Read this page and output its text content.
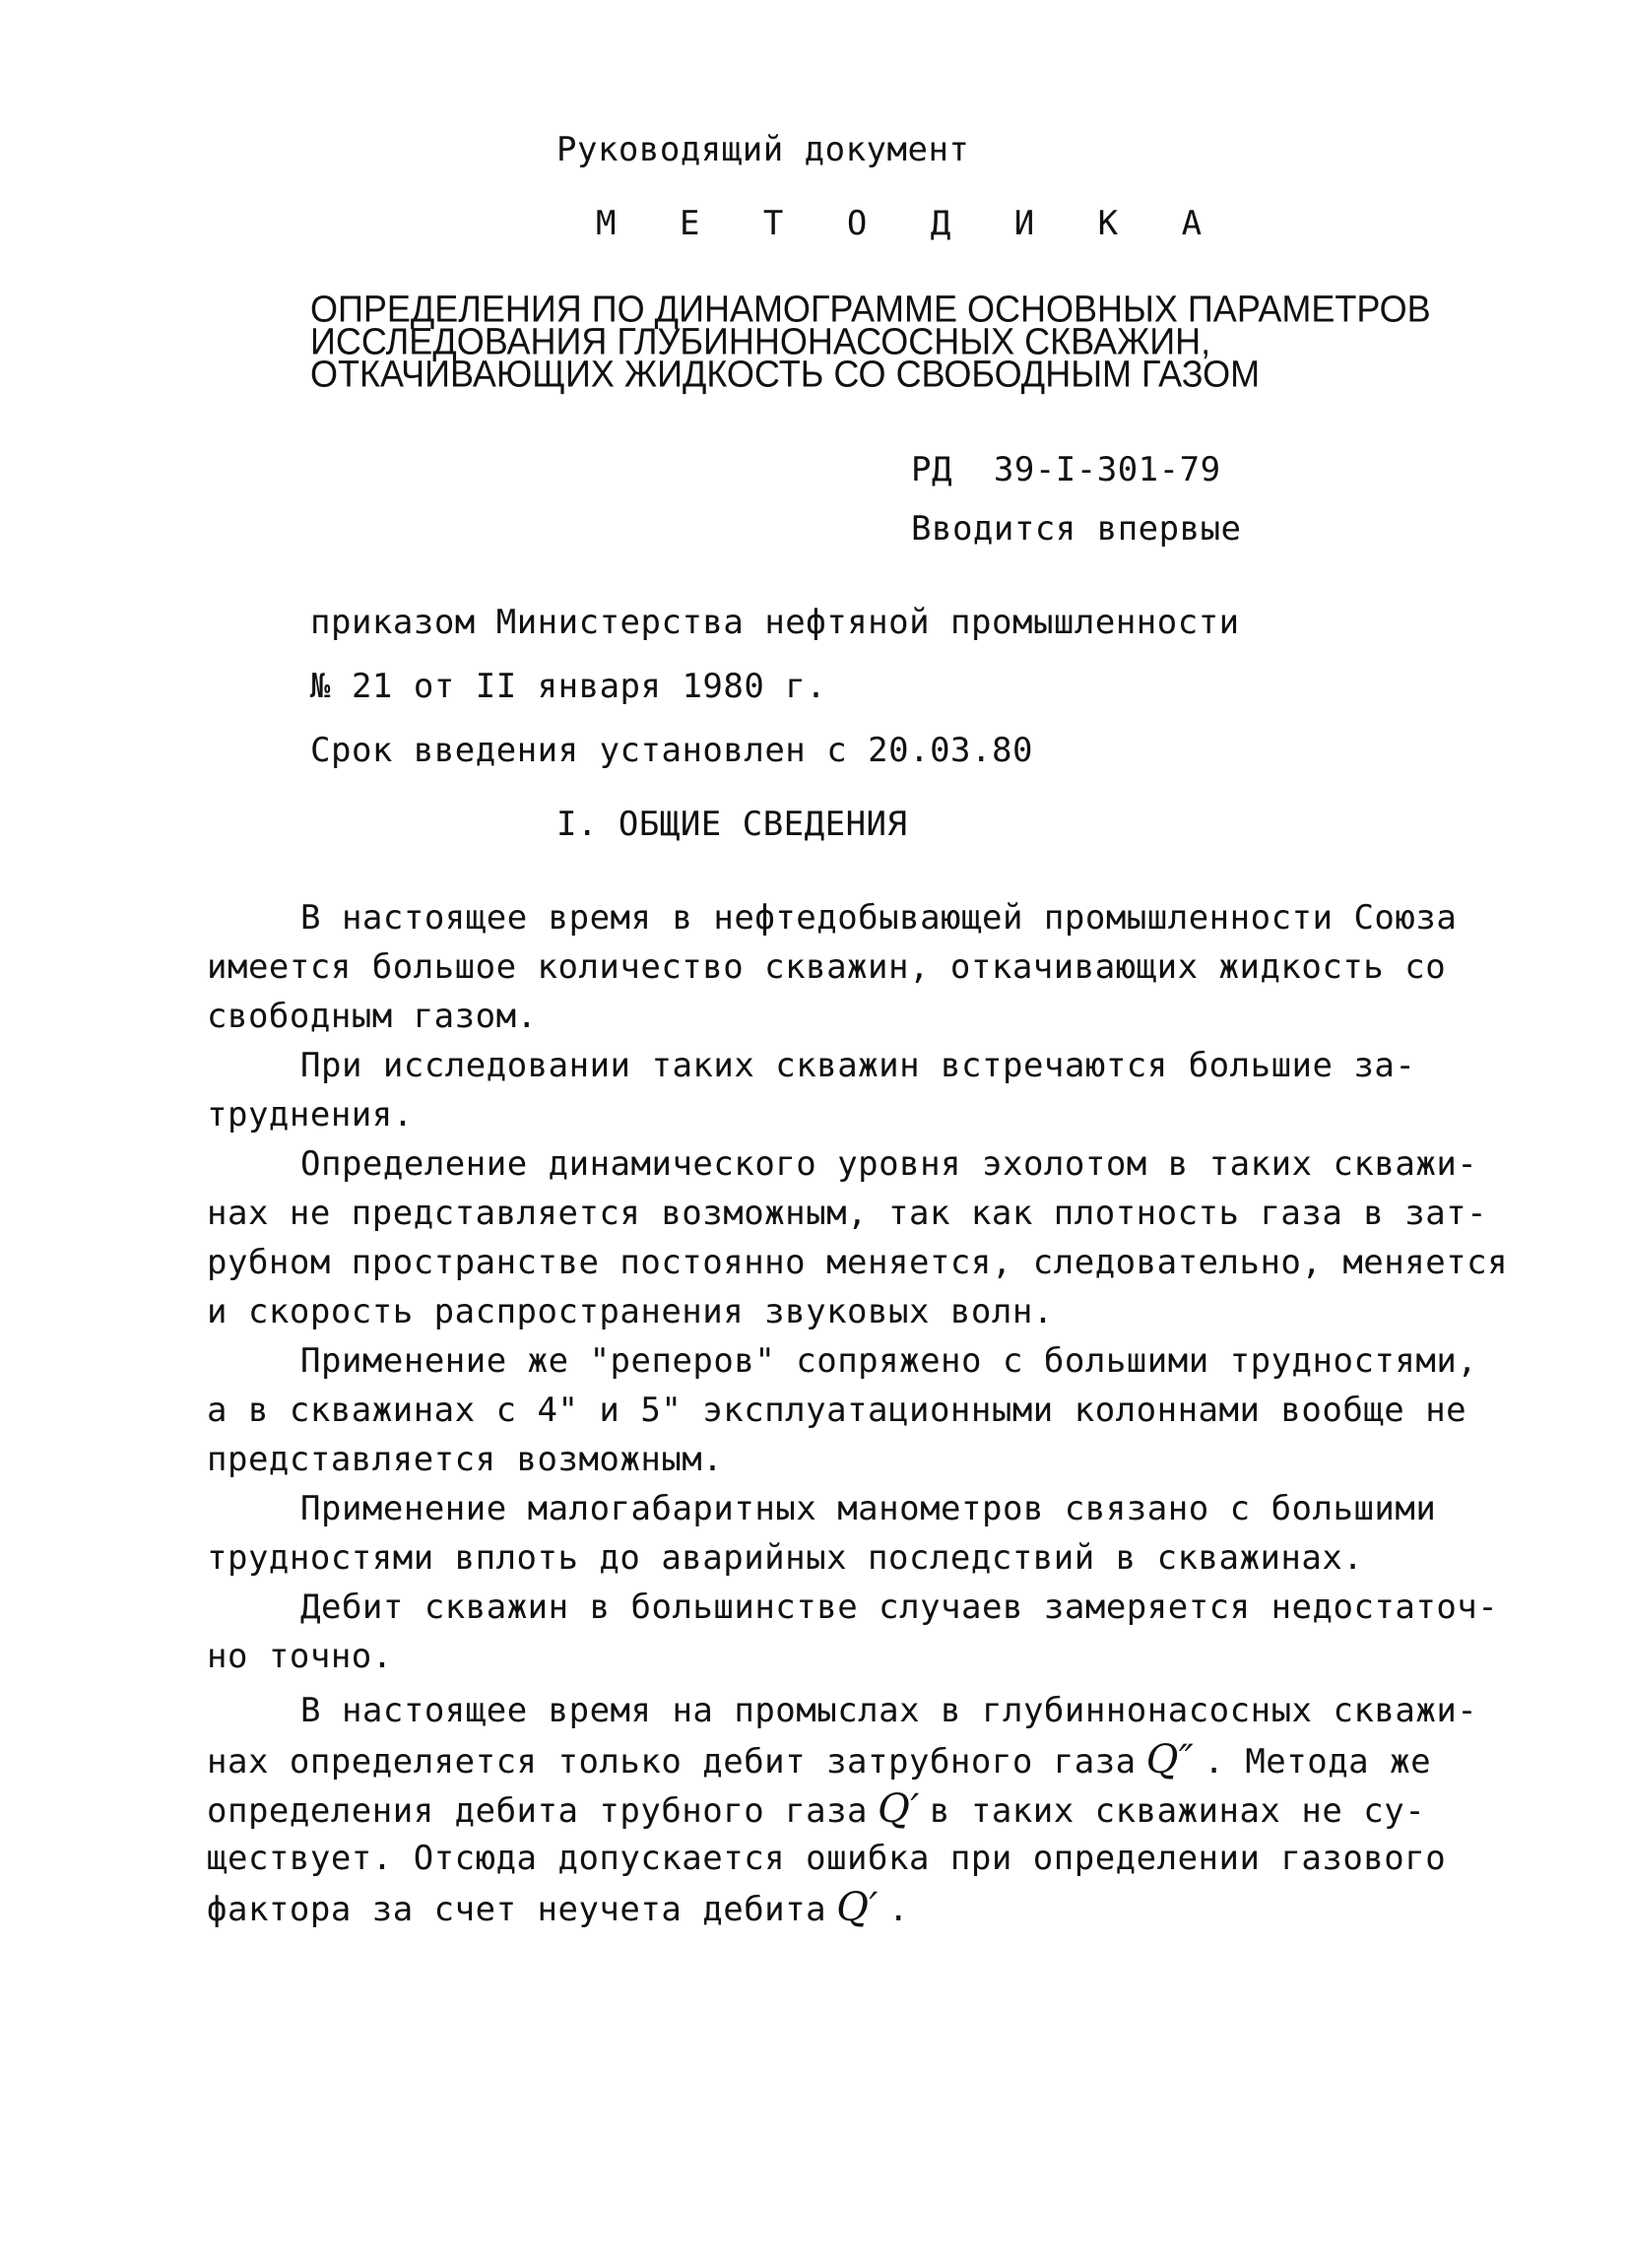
Руководящий документ
М Е Т О Д И К А
ОПРЕДЕЛЕНИЯ ПО ДИНАМОГРАММЕ ОСНОВНЫХ ПАРАМЕТРОВ
ИССЛЕДОВАНИЯ ГЛУБИННОНАСОСНЫХ СКВАЖИН,
ОТКАЧИВАЮЩИХ ЖИДКОСТЬ СО СВОБОДНЫМ ГАЗОМ
РД  39-I-301-79
Вводится впервые
приказом Министерства нефтяной промышленности
№ 21 от II января 1980 г.
Срок введения установлен с 20.03.80
I. ОБЩИЕ СВЕДЕНИЯ
В настоящее время в нефтедобывающей промышленности Союза
имеется большое количество скважин, откачивающих жидкость со
свободным газом.
При исследовании таких скважин встречаются большие за-
труднения.
Определение динамического уровня эхолотом в таких скважи-
нах не представляется возможным, так как плотность газа в зат-
рубном пространстве постоянно меняется, следовательно, меняется
и скорость распространения звуковых волн.
Применение же "реперов" сопряжено с большими трудностями,
а в скважинах с 4" и 5" эксплуатационными колоннами вообще не
представляется возможным.
Применение малогабаритных манометров связано с большими
трудностями вплоть до аварийных последствий в скважинах.
Дебит скважин в большинстве случаев замеряется недостаточ-
но точно.
В настоящее время на промыслах в глубиннонасосных скважи-
нах определяется только дебит затрубного газа Q″ . Метода же
определения дебита трубного газа Q′ в таких скважинах не су-
ществует. Отсюда допускается ошибка при определении газового
фактора за счет неучета дебита Q′ .
